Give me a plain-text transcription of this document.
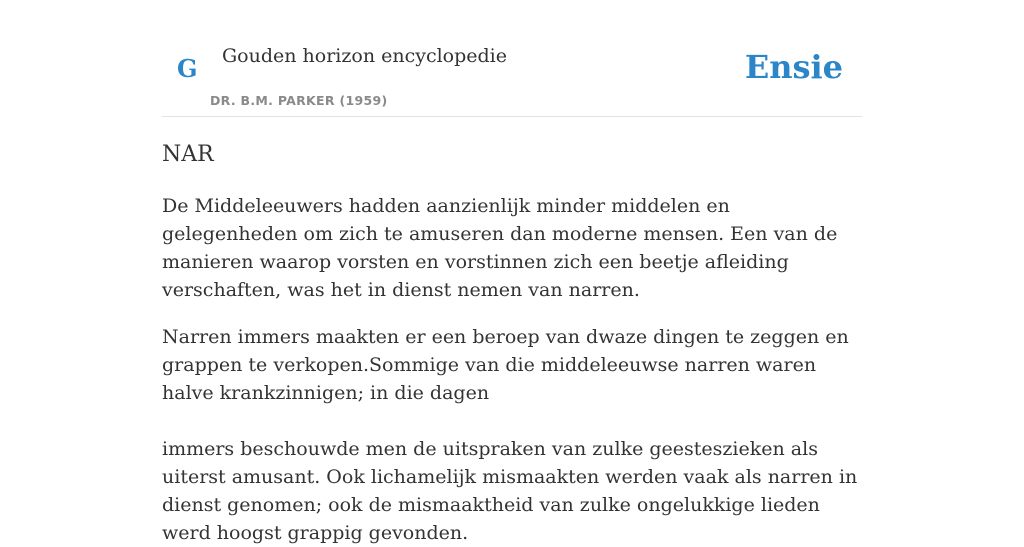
G Gouden horizon encyclopedie
DR. B.M. PARKER (1959)
Ensie
NAR

De Middeleeuwers hadden aanzienlijk minder middelen en gelegenheden om zich te amuseren dan moderne mensen. Een van de manieren waarop vorsten en vorstinnen zich een beetje afleiding verschaften, was het in dienst nemen van narren.

Narren immers maakten er een beroep van dwaze dingen te zeggen en grappen te verkopen.Sommige van die middeleeuwse narren waren halve krankzinnigen; in die dagen

immers beschouwde men de uitspraken van zulke geesteszieken als uiterst amusant. Ook lichamelijk mismaakten werden vaak als narren in dienst genomen; ook de mismaaktheid van zulke ongelukkige lieden werd hoogst grappig gevonden.
